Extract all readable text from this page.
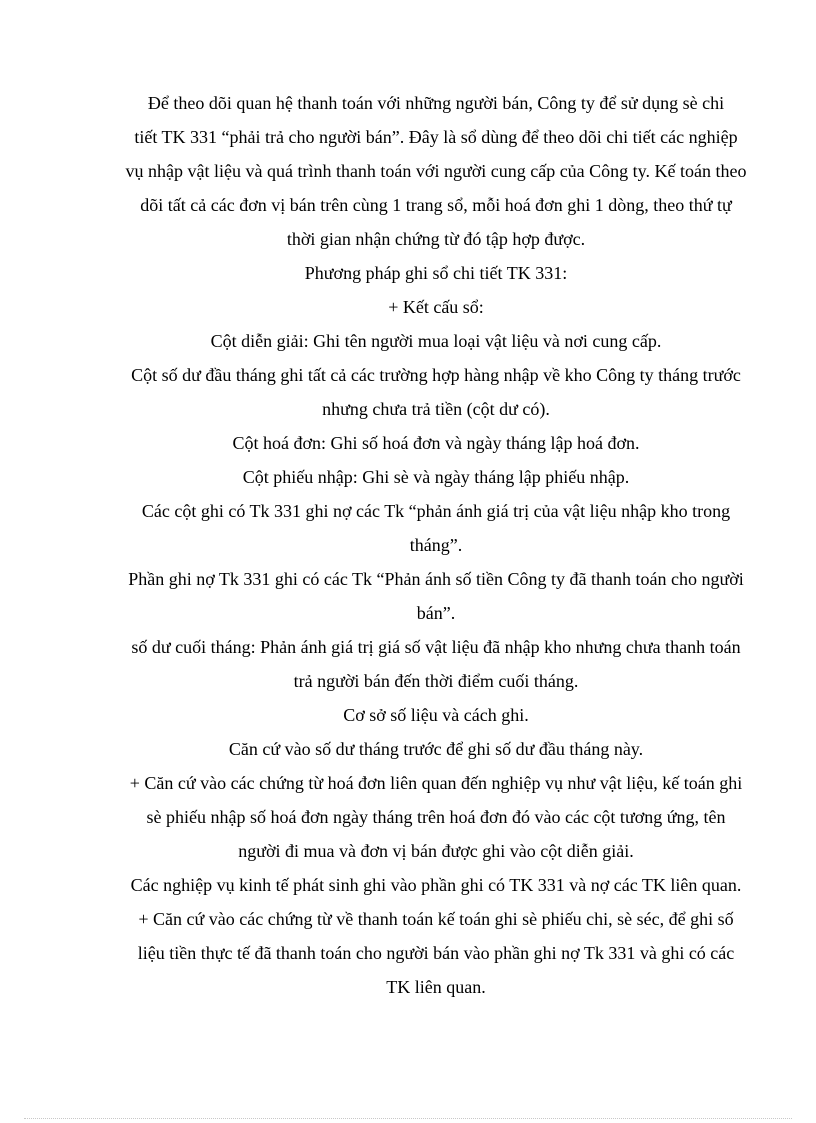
Để theo dõi quan hệ thanh toán với những người bán, Công ty để sử dụng sè chi
tiết TK 331 “phải trả cho người bán”. Đây là sổ dùng để theo dõi chi tiết các nghiệp
vụ nhập vật liệu và quá trình thanh toán với người cung cấp của Công ty. Kế toán theo
dõi tất cả các đơn vị bán trên cùng 1 trang sổ, mỗi hoá đơn ghi 1 dòng, theo thứ tự
thời gian nhận chứng từ đó tập hợp được.

Phương pháp ghi sổ chi tiết TK 331:

+ Kết cấu sổ:

Cột diễn giải: Ghi tên người mua loại vật liệu và nơi cung cấp.

Cột số dư đầu tháng ghi tất cả các trường hợp hàng nhập về kho Công ty tháng trước
nhưng chưa trả tiền (cột dư có).

Cột hoá đơn: Ghi số hoá đơn và ngày tháng lập hoá đơn.

Cột phiếu nhập: Ghi sè và ngày tháng lập phiếu nhập.

Các cột ghi có Tk 331 ghi nợ các Tk “phản ánh giá trị của vật liệu nhập kho trong
tháng”.

Phần ghi nợ Tk 331 ghi có các Tk “Phản ánh số tiền Công ty đã thanh toán cho người
bán”.

số dư cuối tháng: Phản ánh giá trị giá số vật liệu đã nhập kho nhưng chưa thanh toán
trả người bán đến thời điểm cuối tháng.

Cơ sở số liệu và cách ghi.

Căn cứ vào số dư tháng trước để ghi số dư đầu tháng này.

+ Căn cứ vào các chứng từ hoá đơn liên quan đến nghiệp vụ như vật liệu, kế toán ghi
sè phiếu nhập số hoá đơn ngày tháng trên hoá đơn đó vào các cột tương ứng, tên
người đi mua và đơn vị bán được ghi vào cột diễn giải.

Các nghiệp vụ kinh tế phát sinh ghi vào phần ghi có TK 331 và nợ các TK liên quan.

+ Căn cứ vào các chứng từ về thanh toán kế toán ghi sè phiếu chi, sè séc, để ghi số
liệu tiền thực tế đã thanh toán cho người bán vào phần ghi nợ Tk 331 và ghi có các
TK liên quan.
